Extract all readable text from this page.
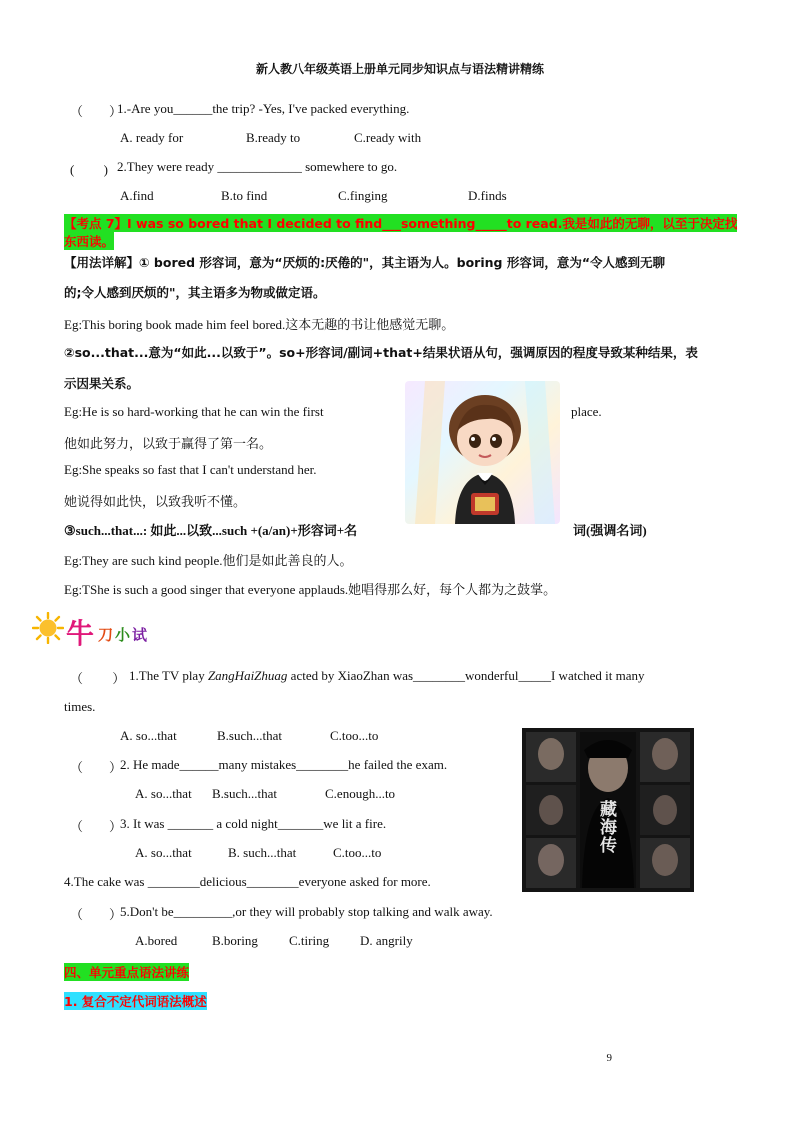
新人教八年级英语上册单元同步知识点与语法精讲精练
（　　）
1.-Are you______the trip? -Yes, I've packed everything.
A. ready for	B.ready to	C.ready with
(　　 ) 2.They were ready _____________ somewhere to go.
A.find	B.to find	C.finging	D.finds
【考点 7】I was so bored that I decided to find___something_____to read.我是如此的无聊，以至于决定找
东西读。
【用法详解】① bored 形容词，意为“厌烦的:厌倦的"，其主语为人。boring 形容词，意为“令人感到无聊
的;令人感到厌烦的"，其主语多为物或做定语。
Eg:This boring book made him feel bored.这本无趣的书让他感觉无聊。
②so...that...意为“如此...以致于”。so+形容词/副词+that+结果状语从句，强调原因的程度导致某种结果，表
示因果关系。
Eg:He is so hard-working that he can win the first	place.
他如此努力，以致于赢得了第一名。
Eg:She speaks so fast that I can't understand her.
她说得如此快，以致我听不懂。
③such...that...: 如此...以致...such +(a/an)+形容词+名	词(强调名词)
Eg:They are such kind people.他们是如此善良的人。
Eg:TShe is such a good singer that everyone applauds.她唱得那么好，每个人都为之鼓掌。
牛 刀 小 试
（　　 ） 1.The TV play ZangHaiZhuag acted by XiaoZhan was________wonderful_____I watched it many
times.
A. so...that	B.such...that	C.too...to
（　　）
2. He made______many mistakes________he failed the exam.
A. so...that B.such...that	C.enough...to
（　　）
3. It was _______ a cold night_______we lit a fire.
A. so...that	B. such...that	C.too...to
4.The cake was ________delicious________everyone asked for more.
（　　）
5.Don't be_________,or they will probably stop talking and walk away.
A.bored	B.boring C.tiring D. angrily
藏海传
四、单元重点语法讲练
1. 复合不定代词语法概述
9
